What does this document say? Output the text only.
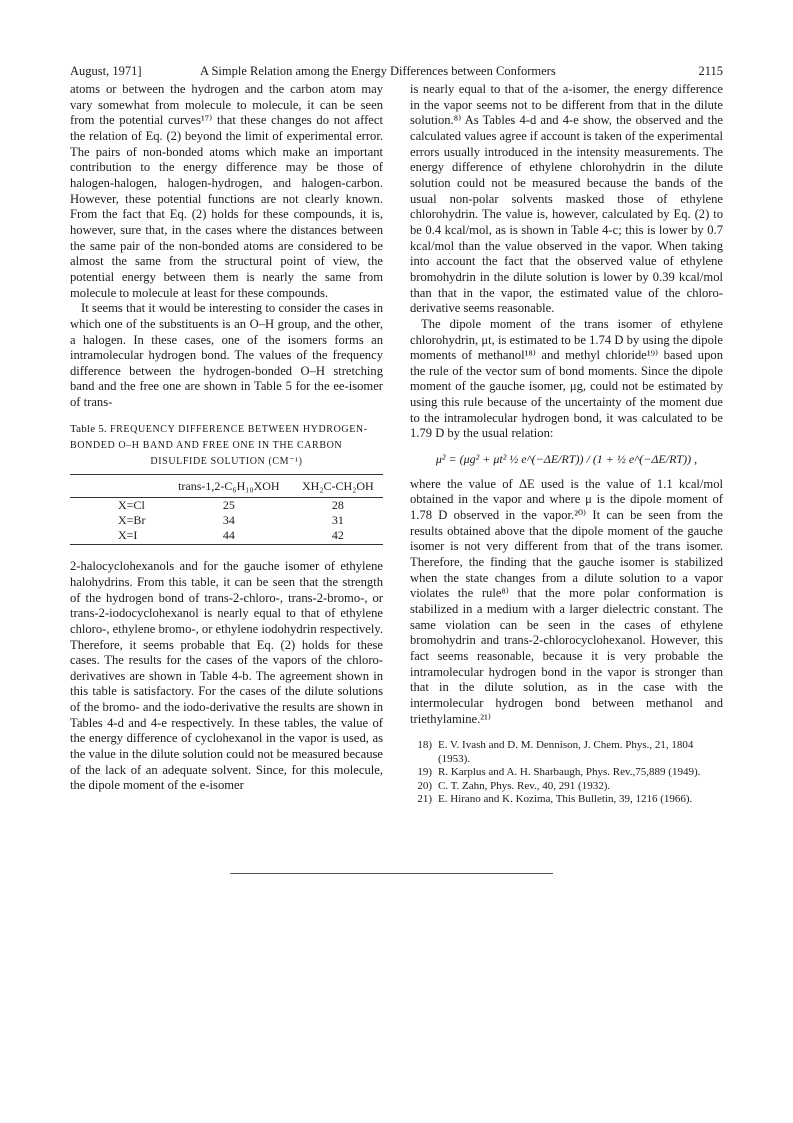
August, 1971]	A Simple Relation among the Energy Differences between Conformers	2115

atoms or between the hydrogen and the carbon atom may vary somewhat from molecule to molecule, it can be seen from the potential curves¹⁷⁾ that these changes do not affect the relation of Eq. (2) beyond the limit of experimental error. The pairs of non-bonded atoms which make an important contribution to the energy difference may be those of halogen-halogen, halogen-hydrogen, and halogen-carbon. However, these potential functions are not clearly known. From the fact that Eq. (2) holds for these compounds, it is, however, sure that, in the cases where the distances between the same pair of the non-bonded atoms are considered to be almost the same from the structural point of view, the potential energy between them is nearly the same from molecule to molecule at least for these compounds.

It seems that it would be interesting to consider the cases in which one of the substituents is an O–H group, and the other, a halogen. In these cases, one of the isomers forms an intramolecular hydrogen bond. The values of the frequency difference between the hydrogen-bonded O–H stretching band and the free one are shown in Table 5 for the ee-isomer of trans-

Table 5. FREQUENCY DIFFERENCE BETWEEN HYDROGEN-
BONDED O–H BAND AND FREE ONE IN THE CARBON
DISULFIDE SOLUTION (CM⁻¹)
	trans-1,2-C₆H₁₀XOH	XH₂C-CH₂OH
X=Cl	25	28
X=Br	34	31
X=I	44	42

2-halocyclohexanols and for the gauche isomer of ethylene halohydrins. From this table, it can be seen that the strength of the hydrogen bond of trans-2-chloro-, trans-2-bromo-, or trans-2-iodocyclohexanol is nearly equal to that of ethylene chloro-, ethylene bromo-, or ethylene iodohydrin respectively. Therefore, it seems probable that Eq. (2) holds for these cases. The results for the cases of the vapors of the chloro-derivatives are shown in Table 4-b. The agreement shown in this table is satisfactory. For the cases of the dilute solutions of the bromo- and the iodo-derivative the results are shown in Tables 4-d and 4-e respectively. In these tables, the value of the energy difference of cyclohexanol in the vapor is used, as the value in the dilute solution could not be measured because of the lack of an adequate solvent. Since, for this molecule, the dipole moment of the e-isomer

is nearly equal to that of the a-isomer, the energy difference in the vapor seems not to be different from that in the dilute solution.⁸⁾ As Tables 4-d and 4-e show, the observed and the calculated values agree if account is taken of the experimental errors usually introduced in the intensity measurements. The energy difference of ethylene chlorohydrin in the dilute solution could not be measured because the bands of the usual non-polar solvents masked those of ethylene chlorohydrin. The value is, however, calculated by Eq. (2) to be 0.4 kcal/mol, as is shown in Table 4-c; this is lower by 0.7 kcal/mol than the value observed in the vapor. When taking into account the fact that the observed value of ethylene bromohydrin in the dilute solution is lower by 0.39 kcal/mol than that in the vapor, the estimated value of the chloro-derivative seems reasonable.

The dipole moment of the trans isomer of ethylene chlorohydrin, μt, is estimated to be 1.74 D by using the dipole moments of methanol¹⁸⁾ and methyl chloride¹⁹⁾ based upon the rule of the vector sum of bond moments. Since the dipole moment of the gauche isomer, μg, could not be estimated by using this rule because of the uncertainty of the moment due to the intramolecular hydrogen bond, it was calculated to be 1.79 D by the usual relation:

μ² = (μg² + μt² ½ e^(−ΔE/RT)) / (1 + ½ e^(−ΔE/RT)) ,

where the value of ΔE used is the value of 1.1 kcal/mol obtained in the vapor and where μ is the dipole moment of 1.78 D observed in the vapor.²⁰⁾ It can be seen from the results obtained above that the dipole moment of the gauche isomer is not very different from that of the trans isomer. Therefore, the finding that the gauche isomer is stabilized when the state changes from a dilute solution to a vapor violates the rule⁸⁾ that the more polar conformation is stabilized in a medium with a larger dielectric constant. The same violation can be seen in the cases of ethylene bromohydrin and trans-2-chlorocyclohexanol. However, this fact seems reasonable, because it is very probable the intramolecular hydrogen bond in the vapor is stronger than that in the dilute solution, as in the case with the intermolecular hydrogen bond between methanol and triethylamine.²¹⁾

18) E. V. Ivash and D. M. Dennison, J. Chem. Phys., 21, 1804 (1953).
19) R. Karplus and A. H. Sharbaugh, Phys. Rev.,75,889 (1949).
20) C. T. Zahn, Phys. Rev., 40, 291 (1932).
21) E. Hirano and K. Kozima, This Bulletin, 39, 1216 (1966).
